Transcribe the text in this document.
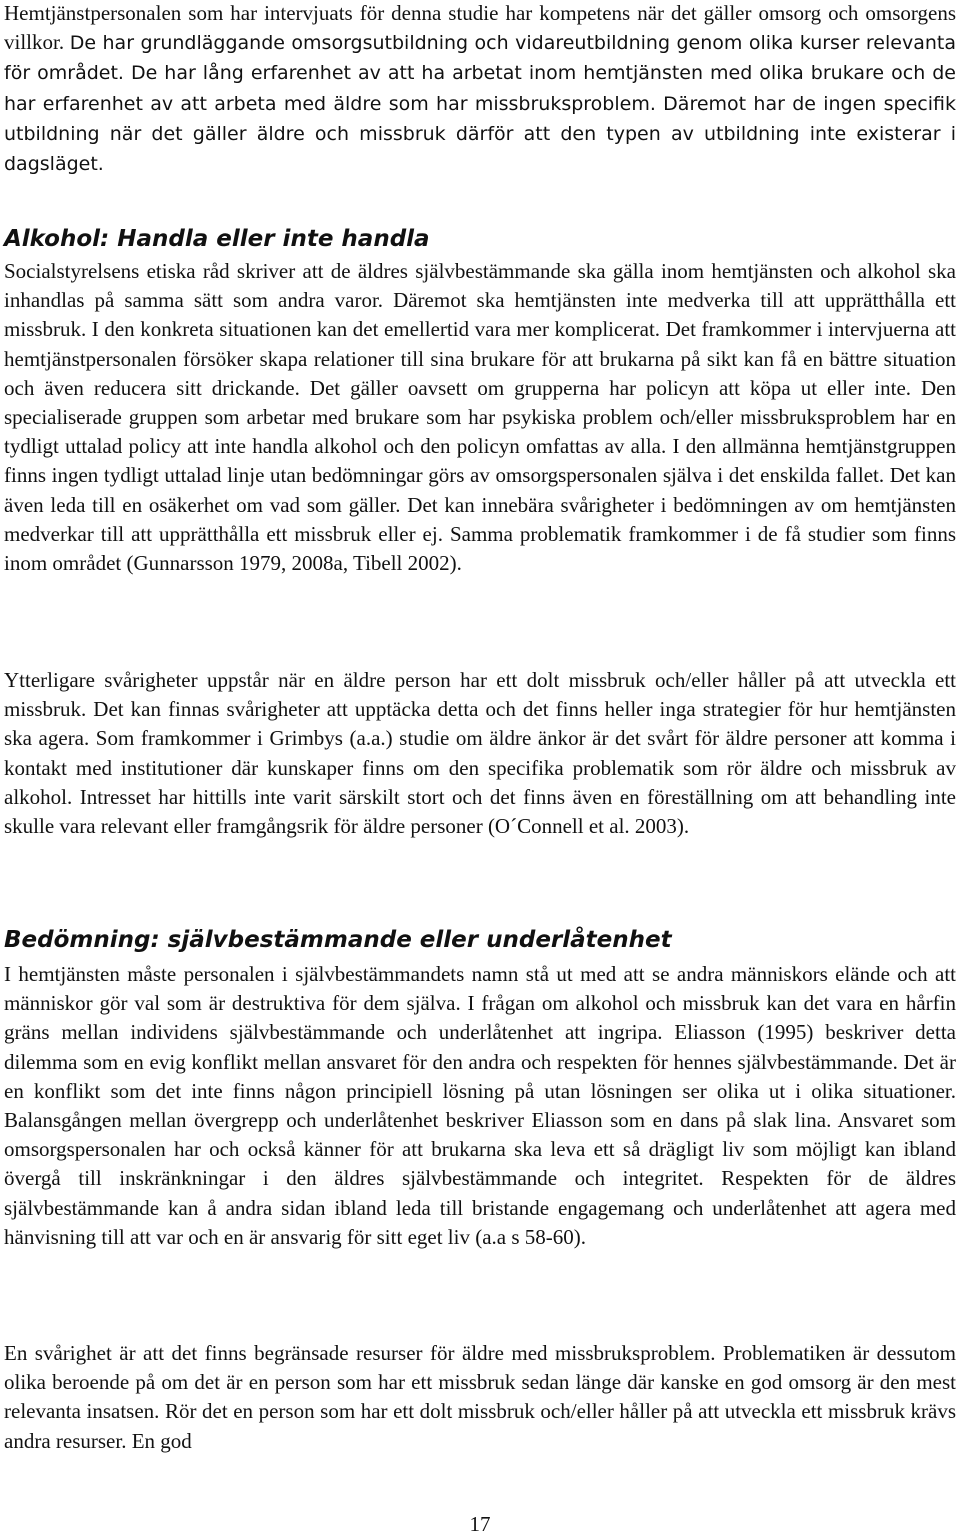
Hemtjänstpersonalen som har intervjuats för denna studie har kompetens när det gäller omsorg och omsorgens villkor. De har grundläggande omsorgsutbildning och vidareutbildning genom olika kurser relevanta för området. De har lång erfarenhet av att ha arbetat inom hemtjänsten med olika brukare och de har erfarenhet av att arbeta med äldre som har missbruksproblem. Däremot har de ingen specifik utbildning när det gäller äldre och missbruk därför att den typen av utbildning inte existerar i dagsläget.

Alkohol: Handla eller inte handla

Socialstyrelsens etiska råd skriver att de äldres självbestämmande ska gälla inom hemtjänsten och alkohol ska inhandlas på samma sätt som andra varor. Däremot ska hemtjänsten inte medverka till att upprätthålla ett missbruk. I den konkreta situationen kan det emellertid vara mer komplicerat. Det framkommer i intervjuerna att hemtjänstpersonalen försöker skapa relationer till sina brukare för att brukarna på sikt kan få en bättre situation och även reducera sitt drickande. Det gäller oavsett om grupperna har policyn att köpa ut eller inte. Den specialiserade gruppen som arbetar med brukare som har psykiska problem och/eller missbruksproblem har en tydligt uttalad policy att inte handla alkohol och den policyn omfattas av alla. I den allmänna hemtjänstgruppen finns ingen tydligt uttalad linje utan bedömningar görs av omsorgspersonalen själva i det enskilda fallet. Det kan även leda till en osäkerhet om vad som gäller. Det kan innebära svårigheter i bedömningen av om hemtjänsten medverkar till att upprätthålla ett missbruk eller ej. Samma problematik framkommer i de få studier som finns inom området (Gunnarsson 1979, 2008a, Tibell 2002).

Ytterligare svårigheter uppstår när en äldre person har ett dolt missbruk och/eller håller på att utveckla ett missbruk. Det kan finnas svårigheter att upptäcka detta och det finns heller inga strategier för hur hemtjänsten ska agera. Som framkommer i Grimbys (a.a.) studie om äldre änkor är det svårt för äldre personer att komma i kontakt med institutioner där kunskaper finns om den specifika problematik som rör äldre och missbruk av alkohol. Intresset har hittills inte varit särskilt stort och det finns även en föreställning om att behandling inte skulle vara relevant eller framgångsrik för äldre personer (O´Connell et al. 2003).

Bedömning: självbestämmande eller underlåtenhet

I hemtjänsten måste personalen i självbestämmandets namn stå ut med att se andra människors elände och att människor gör val som är destruktiva för dem själva. I frågan om alkohol och missbruk kan det vara en hårfin gräns mellan individens självbestämmande och underlåtenhet att ingripa. Eliasson (1995) beskriver detta dilemma som en evig konflikt mellan ansvaret för den andra och respekten för hennes självbestämmande. Det är en konflikt som det inte finns någon principiell lösning på utan lösningen ser olika ut i olika situationer. Balansgången mellan övergrepp och underlåtenhet beskriver Eliasson som en dans på slak lina. Ansvaret som omsorgspersonalen har och också känner för att brukarna ska leva ett så drägligt liv som möjligt kan ibland övergå till inskränkningar i den äldres självbestämmande och integritet. Respekten för de äldres självbestämmande kan å andra sidan ibland leda till bristande engagemang och underlåtenhet att agera med hänvisning till att var och en är ansvarig för sitt eget liv (a.a s 58-60).

En svårighet är att det finns begränsade resurser för äldre med missbruksproblem. Problematiken är dessutom olika beroende på om det är en person som har ett missbruk sedan länge där kanske en god omsorg är den mest relevanta insatsen. Rör det en person som har ett dolt missbruk och/eller håller på att utveckla ett missbruk krävs andra resurser. En god

17
